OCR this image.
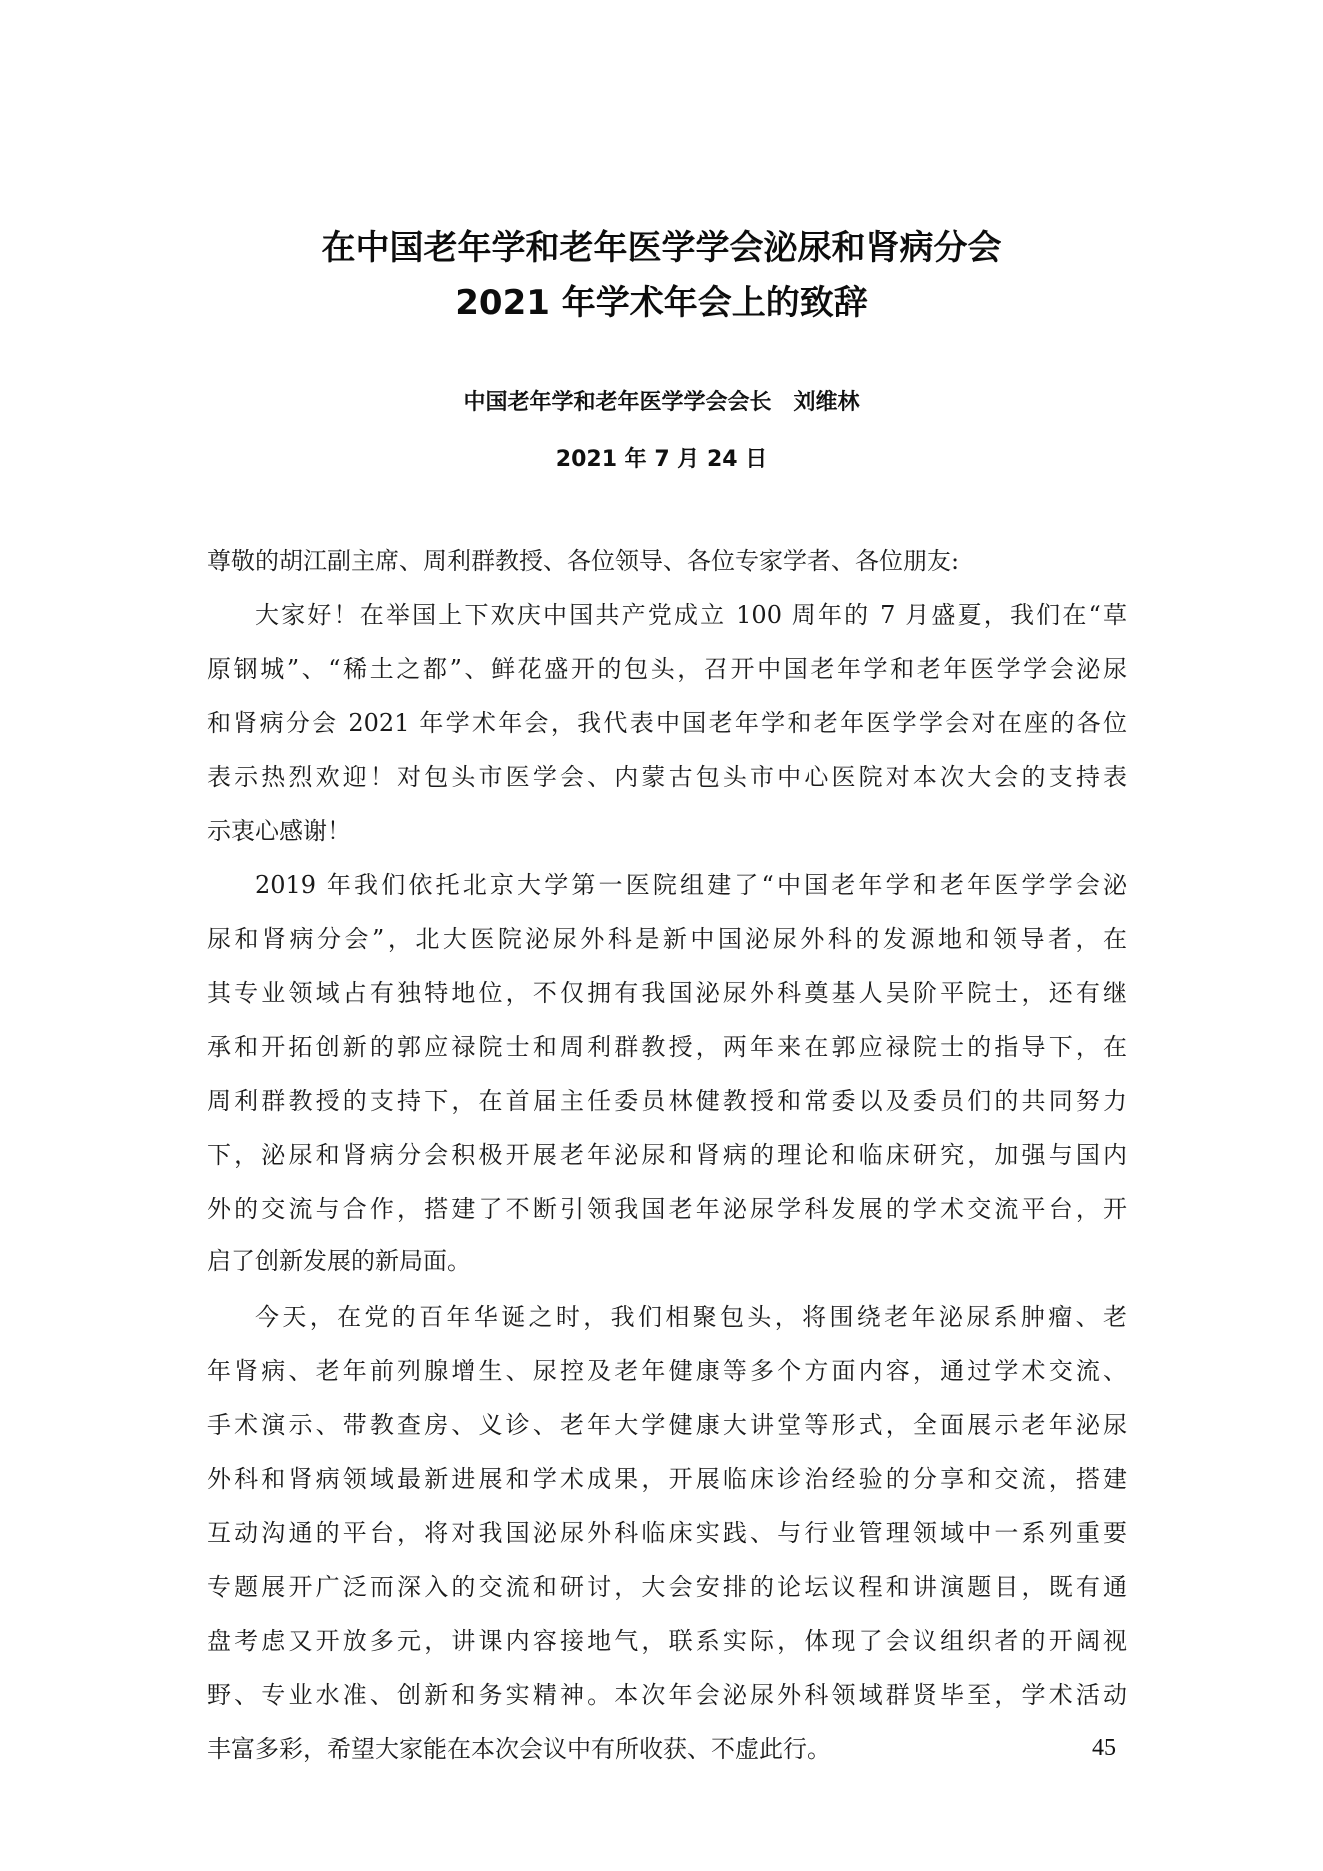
在中国老年学和老年医学学会泌尿和肾病分会
2021 年学术年会上的致辞
中国老年学和老年医学学会会长　刘维林
2021 年 7 月 24 日
尊敬的胡江副主席、周利群教授、各位领导、各位专家学者、各位朋友:
大家好！在举国上下欢庆中国共产党成立 100 周年的 7 月盛夏，我们在“草
原钢城”、“稀土之都”、鲜花盛开的包头，召开中国老年学和老年医学学会泌尿
和肾病分会 2021 年学术年会，我代表中国老年学和老年医学学会对在座的各位
表示热烈欢迎！对包头市医学会、内蒙古包头市中心医院对本次大会的支持表
示衷心感谢！
2019 年我们依托北京大学第一医院组建了“中国老年学和老年医学学会泌
尿和肾病分会”，北大医院泌尿外科是新中国泌尿外科的发源地和领导者，在
其专业领域占有独特地位，不仅拥有我国泌尿外科奠基人吴阶平院士，还有继
承和开拓创新的郭应禄院士和周利群教授，两年来在郭应禄院士的指导下，在
周利群教授的支持下，在首届主任委员林健教授和常委以及委员们的共同努力
下，泌尿和肾病分会积极开展老年泌尿和肾病的理论和临床研究，加强与国内
外的交流与合作，搭建了不断引领我国老年泌尿学科发展的学术交流平台，开
启了创新发展的新局面。
今天，在党的百年华诞之时，我们相聚包头，将围绕老年泌尿系肿瘤、老
年肾病、老年前列腺增生、尿控及老年健康等多个方面内容，通过学术交流、
手术演示、带教查房、义诊、老年大学健康大讲堂等形式，全面展示老年泌尿
外科和肾病领域最新进展和学术成果，开展临床诊治经验的分享和交流，搭建
互动沟通的平台，将对我国泌尿外科临床实践、与行业管理领域中一系列重要
专题展开广泛而深入的交流和研讨，大会安排的论坛议程和讲演题目，既有通
盘考虑又开放多元，讲课内容接地气，联系实际，体现了会议组织者的开阔视
野、专业水准、创新和务实精神。本次年会泌尿外科领域群贤毕至，学术活动
丰富多彩，希望大家能在本次会议中有所收获、不虚此行。	45
